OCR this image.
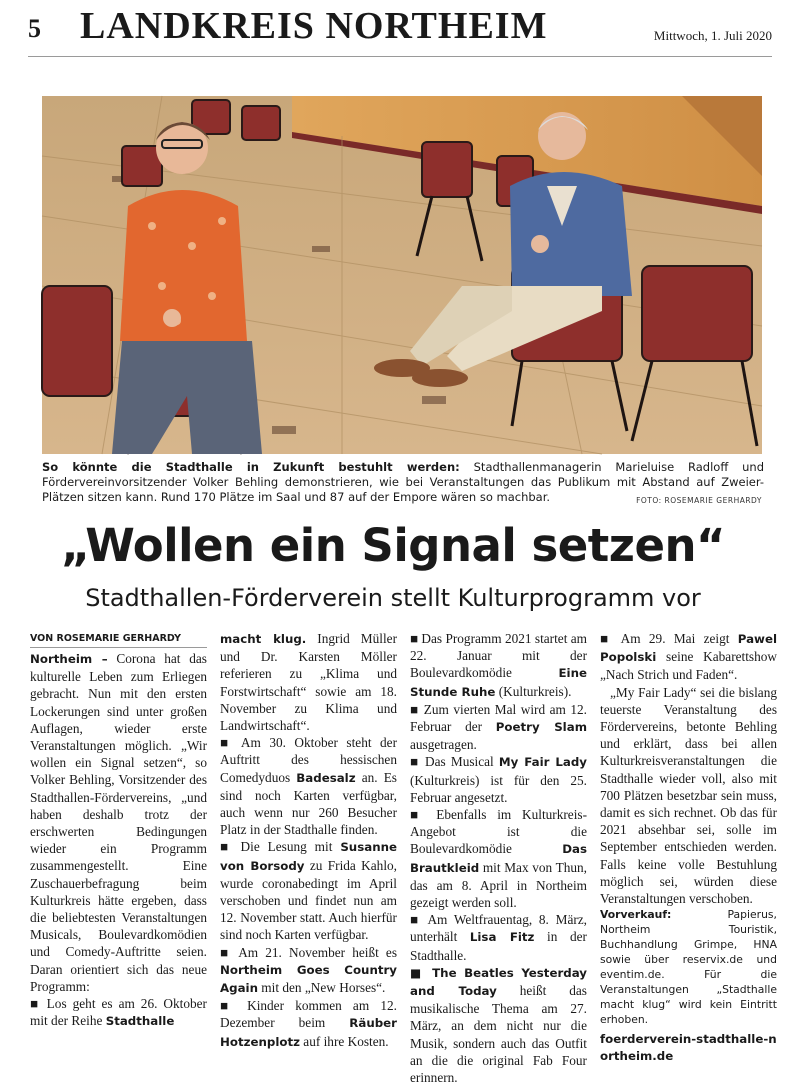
5 LANDKREIS NORTHEIM	Mittwoch, 1. Juli 2020

So könnte die Stadthalle in Zukunft bestuhlt werden: Stadthallenmanagerin Marieluise Radloff und Fördervereinvorsitzender Volker Behling demonstrieren, wie bei Veranstaltungen das Publikum mit Abstand auf Zweier-Plätzen sitzen kann. Rund 170 Plätze im Saal und 87 auf der Empore wären so machbar.	FOTO: ROSEMARIE GERHARDY
„Wollen ein Signal setzen“
Stadthallen-Förderverein stellt Kulturprogramm vor

VON ROSEMARIE GERHARDY

Northeim – Corona hat das kulturelle Leben zum Erliegen gebracht. Nun mit den ersten Lockerungen sind unter großen Auflagen, wieder erste Veranstaltungen möglich. „Wir wollen ein Signal setzen“, so Volker Behling, Vorsitzender des Stadthallen-Fördervereins, „und haben deshalb trotz der erschwerten Bedingungen wieder ein Programm zusammengestellt. Eine Zuschauerbefragung beim Kulturkreis hätte ergeben, dass die beliebtesten Veranstaltungen Musicals, Boulevardkomödien und Comedy-Auftritte seien. Daran orientiert sich das neue Programm:

■ Los geht es am 26. Oktober mit der Reihe Stadthalle

macht klug. Ingrid Müller und Dr. Karsten Möller referieren zu „Klima und Forstwirtschaft“ sowie am 18. November zu Klima und Landwirtschaft“.

■ Am 30. Oktober steht der Auftritt des hessischen Comedyduos Badesalz an. Es sind noch Karten verfügbar, auch wenn nur 260 Besucher Platz in der Stadthalle finden.

■ Die Lesung mit Susanne von Borsody zu Frida Kahlo, wurde coronabedingt im April verschoben und findet nun am 12. November statt. Auch hierfür sind noch Karten verfügbar.

■ Am 21. November heißt es Northeim Goes Country Again mit den „New Horses“.

■ Kinder kommen am 12. Dezember beim Räuber Hotzenplotz auf ihre Kosten.

■ Das Programm 2021 startet am 22. Januar mit der Boulevardkomödie Eine Stunde Ruhe (Kulturkreis).

■ Zum vierten Mal wird am 12. Februar der Poetry Slam ausgetragen.

■ Das Musical My Fair Lady (Kulturkreis) ist für den 25. Februar angesetzt.

■ Ebenfalls im Kulturkreis-Angebot ist die Boulevardkomödie Das Brautkleid mit Max von Thun, das am 8. April in Northeim gezeigt werden soll.

■ Am Weltfrauentag, 8. März, unterhält Lisa Fitz in der Stadthalle.

■ The Beatles Yesterday and Today heißt das musikalische Thema am 27. März, an dem nicht nur die Musik, sondern auch das Outfit an die die original Fab Four erinnern.

■ Am 29. Mai zeigt Pawel Popolski seine Kabarettshow „Nach Strich und Faden“.

„My Fair Lady“ sei die bislang teuerste Veranstaltung des Fördervereins, betonte Behling und erklärt, dass bei allen Kulturkreisveranstaltungen die Stadthalle wieder voll, also mit 700 Plätzen besetzbar sein muss, damit es sich rechnet. Ob das für 2021 absehbar sei, solle im September entschieden werden. Falls keine volle Bestuhlung möglich sei, würden diese Veranstaltungen verschoben.

Vorverkauf: Papierus, Northeim Touristik, Buchhandlung Grimpe, HNA sowie über reservix.de und eventim.de. Für die Veranstaltungen „Stadthalle macht klug“ wird kein Eintritt erhoben.

foerderverein-stadthalle-northeim.de
